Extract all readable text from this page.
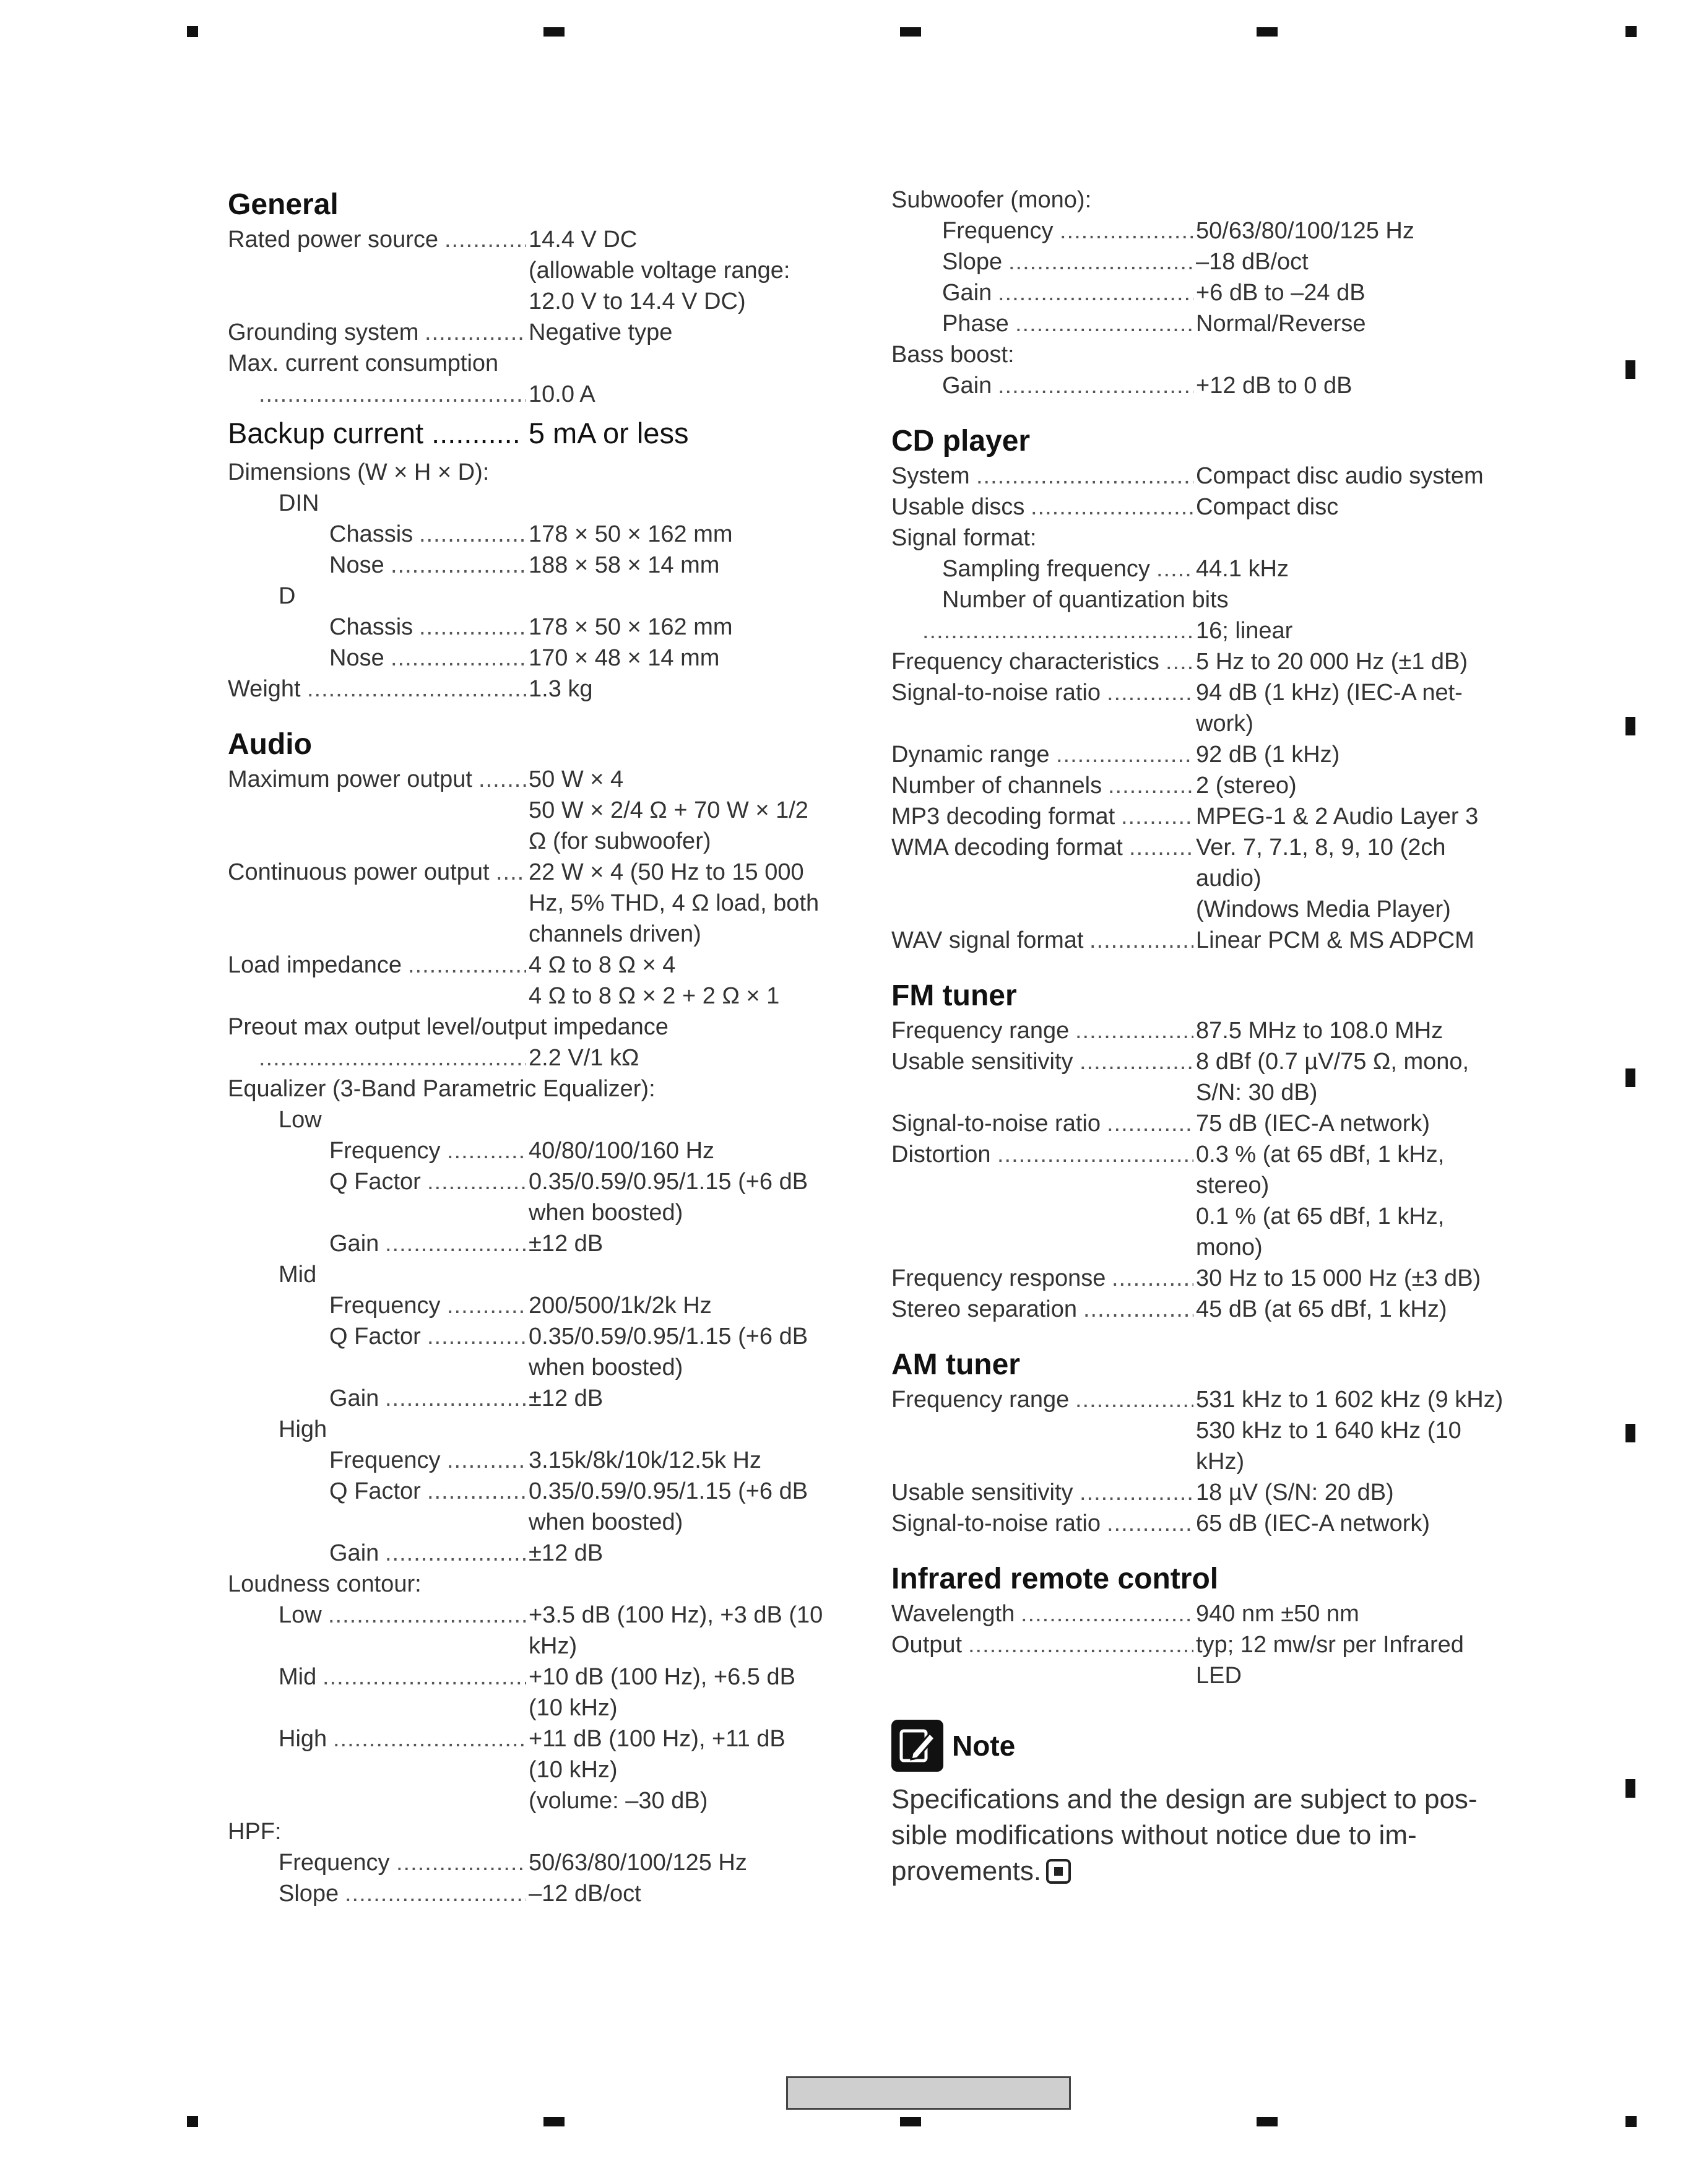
General
Rated power source .....	14.4 V DC
(allowable voltage range:
12.0 V to 14.4 V DC)
Grounding system .....	Negative type
Max. current consumption
.....
10.0 A
Backup current ........... 5 mA or less
Dimensions (W × H × D):
DIN
Chassis .....	178 × 50 × 162 mm
Nose .....	188 × 58 × 14 mm
D
Chassis .....	178 × 50 × 162 mm
Nose .....	170 × 48 × 14 mm
Weight .....	1.3 kg
Audio
Maximum power output ..... 50 W × 4
50 W × 2/4 Ω + 70 W × 1/2
Ω (for subwoofer)
Continuous power output ..... 22 W × 4 (50 Hz to 15 000
Hz, 5% THD, 4 Ω load, both
channels driven)
Load impedance .....	4 Ω to 8 Ω × 4
4 Ω to 8 Ω × 2 + 2 Ω × 1
Preout max output level/output impedance
.....
2.2 V/1 kΩ
Equalizer (3-Band Parametric Equalizer):
Low
Frequency .....	40/80/100/160 Hz
Q Factor .....	0.35/0.59/0.95/1.15 (+6 dB
when boosted)
Gain .....	±12 dB
Mid
Frequency .....	200/500/1k/2k Hz
Q Factor .....	0.35/0.59/0.95/1.15 (+6 dB
when boosted)
Gain .....	±12 dB
High
Frequency .....	3.15k/8k/10k/12.5k Hz
Q Factor .....	0.35/0.59/0.95/1.15 (+6 dB
when boosted)
Gain .....	±12 dB
Loudness contour:
Low .....	+3.5 dB (100 Hz), +3 dB (10
kHz)
Mid .....	+10 dB (100 Hz), +6.5 dB
(10 kHz)
High .....	+11 dB (100 Hz), +11 dB
(10 kHz)
(volume: –30 dB)
HPF:
Frequency .....	50/63/80/100/125 Hz
Slope .....	–12 dB/oct
Subwoofer (mono):
Frequency .....	50/63/80/100/125 Hz
Slope .....	–18 dB/oct
Gain .....	+6 dB to –24 dB
Phase .....	Normal/Reverse
Bass boost:
Gain .....	+12 dB to 0 dB
CD player
System .....	Compact disc audio system
Usable discs .....	Compact disc
Signal format:
Sampling frequency ..... 44.1 kHz
Number of quantization bits
.....
16; linear
Frequency characteristics ..... 5 Hz to 20 000 Hz (±1 dB)
Signal-to-noise ratio .....	94 dB (1 kHz) (IEC-A net-
work)
Dynamic range .....	92 dB (1 kHz)
Number of channels .....	2 (stereo)
MP3 decoding format .....	MPEG-1 & 2 Audio Layer 3
WMA decoding format .....	Ver. 7, 7.1, 8, 9, 10 (2ch
audio)
(Windows Media Player)
WAV signal format .....	Linear PCM & MS ADPCM
FM tuner
Frequency range .....	87.5 MHz to 108.0 MHz
Usable sensitivity .....	8 dBf (0.7 µV/75 Ω, mono,
S/N: 30 dB)
Signal-to-noise ratio .....	75 dB (IEC-A network)
Distortion .....	0.3 % (at 65 dBf, 1 kHz,
stereo)
0.1 % (at 65 dBf, 1 kHz,
mono)
Frequency response .....	30 Hz to 15 000 Hz (±3 dB)
Stereo separation .....	45 dB (at 65 dBf, 1 kHz)
AM tuner
Frequency range .....	531 kHz to 1 602 kHz (9 kHz)
530 kHz to 1 640 kHz (10
kHz)
Usable sensitivity .....	18 µV (S/N: 20 dB)
Signal-to-noise ratio .....	65 dB (IEC-A network)
Infrared remote control
Wavelength .....	940 nm ±50 nm
Output .....	typ; 12 mw/sr per Infrared
LED
Note
Specifications and the design are subject to pos-sible modifications without notice due to im-provements.
